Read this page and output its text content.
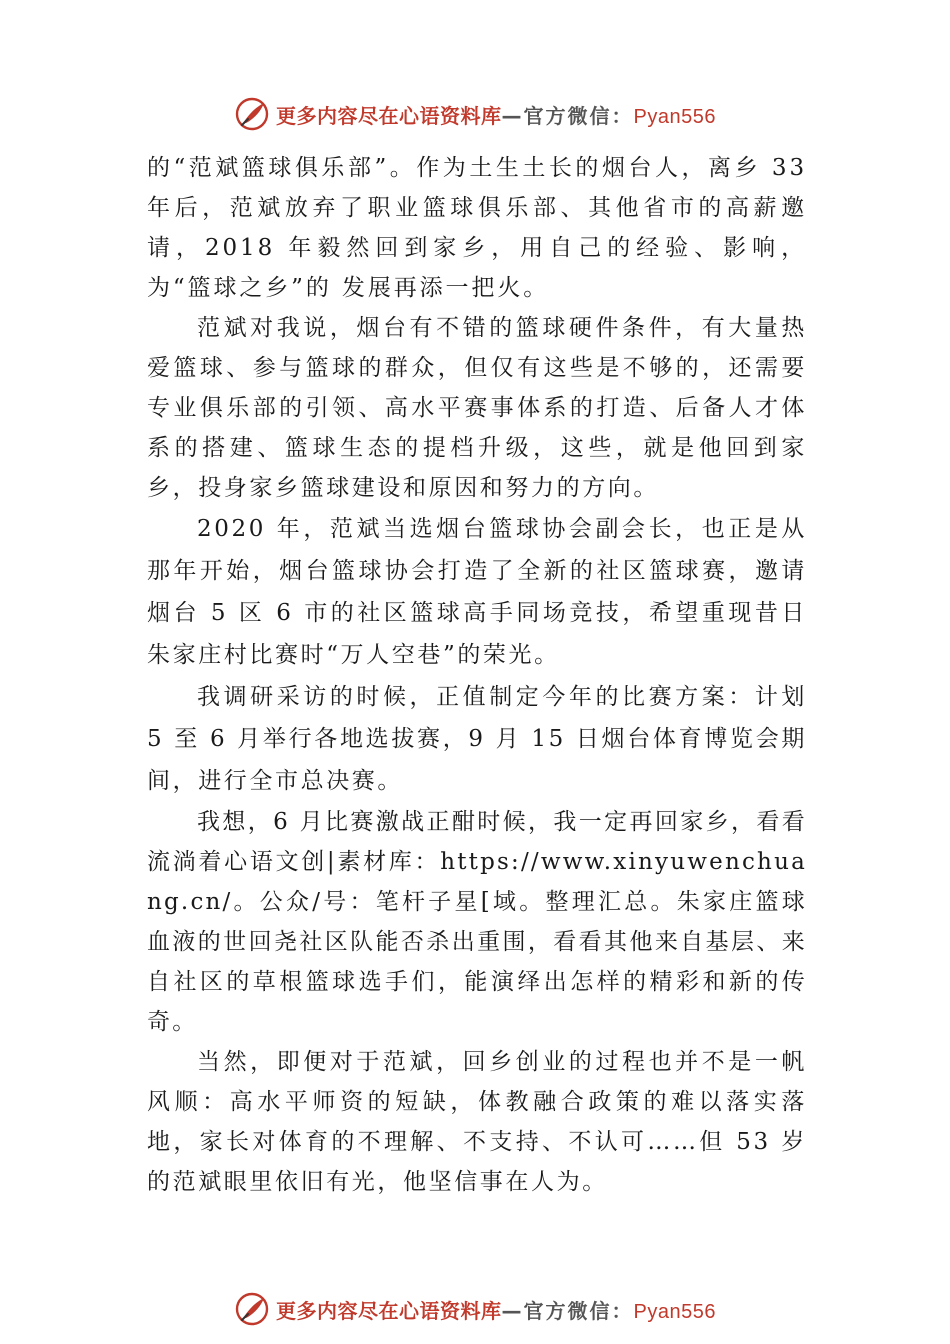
更多内容尽在心语资料库—官方微信：Pyan556

的“范斌篮球俱乐部”。作为土生土长的烟台人，离乡 33 年后，范斌放弃了职业篮球俱乐部、其他省市的高薪邀请，2018 年毅然回到家乡，用自己的经验、影响，为“篮球之乡”的 发展再添一把火。

范斌对我说，烟台有不错的篮球硬件条件，有大量热爱篮球、参与篮球的群众，但仅有这些是不够的，还需要专业俱乐部的引领、高水平赛事体系的打造、后备人才体系的搭建、篮球生态的提档升级，这些，就是他回到家乡，投身家乡篮球建设和原因和努力的方向。

2020 年，范斌当选烟台篮球协会副会长，也正是从那年开始，烟台篮球协会打造了全新的社区篮球赛，邀请烟台 5 区 6 市的社区篮球高手同场竞技，希望重现昔日朱家庄村比赛时“万人空巷”的荣光。

我调研采访的时候，正值制定今年的比赛方案：计划 5 至 6 月举行各地选拔赛，9 月 15 日烟台体育博览会期间，进行全市总决赛。

我想，6 月比赛激战正酣时候，我一定再回家乡，看看流淌着心语文创|素材库：https://www.xinyuwenchuang.cn/。公众/号：笔杆子星[域。整理汇总。朱家庄篮球血液的世回尧社区队能否杀出重围，看看其他来自基层、来自社区的草根篮球选手们，能演绎出怎样的精彩和新的传奇。

当然，即便对于范斌，回乡创业的过程也并不是一帆风顺：高水平师资的短缺，体教融合政策的难以落实落地，家长对体育的不理解、不支持、不认可……但 53 岁的范斌眼里依旧有光，他坚信事在人为。

更多内容尽在心语资料库—官方微信：Pyan556
